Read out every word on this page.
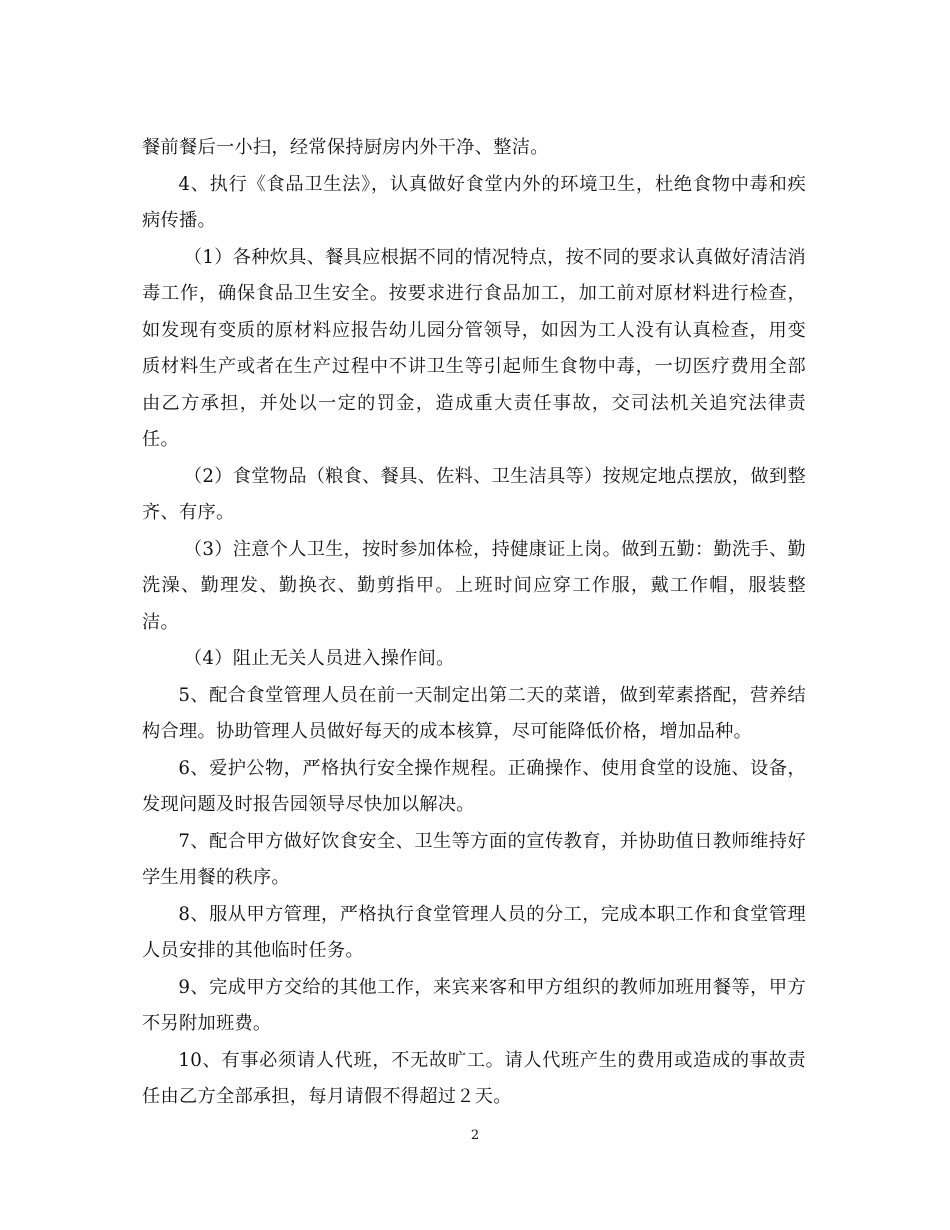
餐前餐后一小扫，经常保持厨房内外干净、整洁。

4、执行《食品卫生法》，认真做好食堂内外的环境卫生，杜绝食物中毒和疾病传播。

（1）各种炊具、餐具应根据不同的情况特点，按不同的要求认真做好清洁消毒工作，确保食品卫生安全。按要求进行食品加工，加工前对原材料进行检查，如发现有变质的原材料应报告幼儿园分管领导，如因为工人没有认真检查，用变质材料生产或者在生产过程中不讲卫生等引起师生食物中毒，一切医疗费用全部由乙方承担，并处以一定的罚金，造成重大责任事故，交司法机关追究法律责任。

（2）食堂物品（粮食、餐具、佐料、卫生洁具等）按规定地点摆放，做到整齐、有序。

（3）注意个人卫生，按时参加体检，持健康证上岗。做到五勤：勤洗手、勤洗澡、勤理发、勤换衣、勤剪指甲。上班时间应穿工作服，戴工作帽，服装整洁。

（4）阻止无关人员进入操作间。

5、配合食堂管理人员在前一天制定出第二天的菜谱，做到荤素搭配，营养结构合理。协助管理人员做好每天的成本核算，尽可能降低价格，增加品种。

6、爱护公物，严格执行安全操作规程。正确操作、使用食堂的设施、设备，发现问题及时报告园领导尽快加以解决。

7、配合甲方做好饮食安全、卫生等方面的宣传教育，并协助值日教师维持好学生用餐的秩序。

8、服从甲方管理，严格执行食堂管理人员的分工，完成本职工作和食堂管理人员安排的其他临时任务。

9、完成甲方交给的其他工作，来宾来客和甲方组织的教师加班用餐等，甲方不另附加班费。

10、有事必须请人代班，不无故旷工。请人代班产生的费用或造成的事故责任由乙方全部承担，每月请假不得超过２天。

2
